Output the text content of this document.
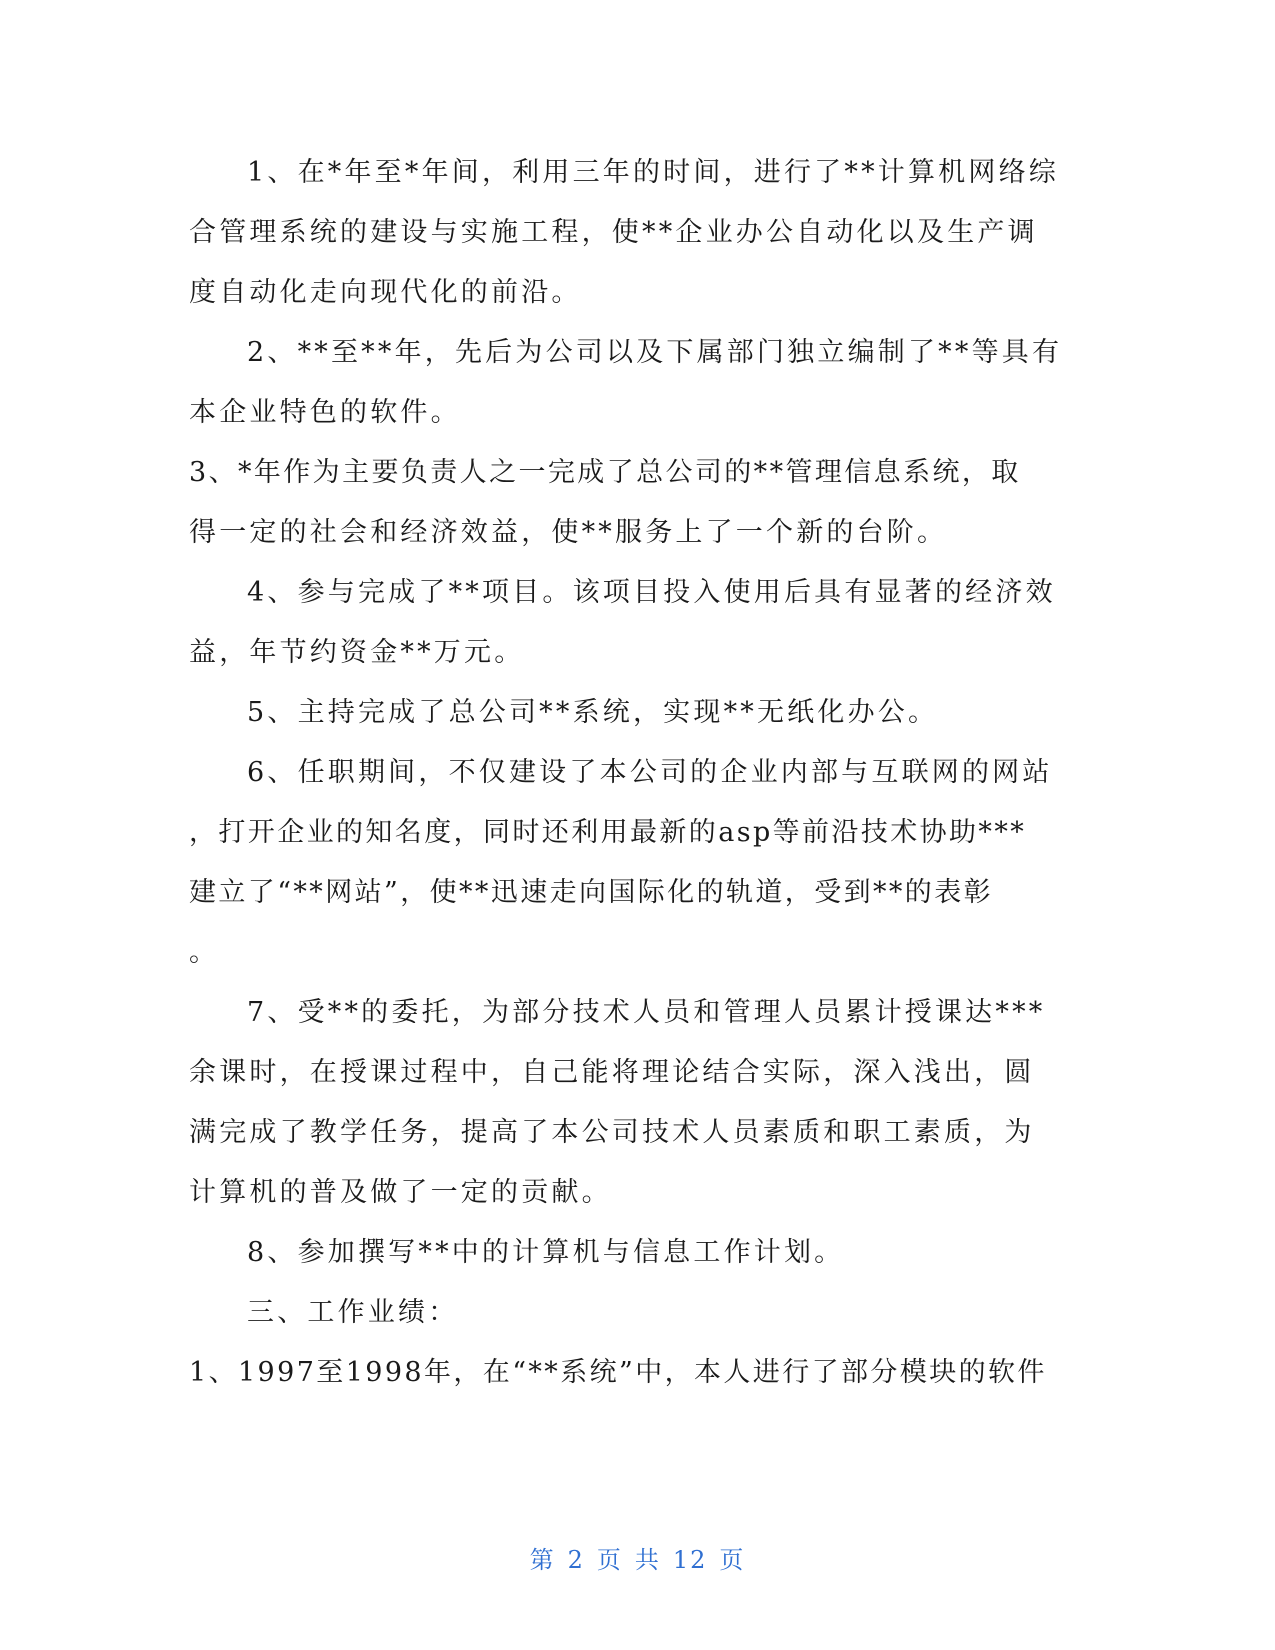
1、在*年至*年间，利用三年的时间，进行了**计算机网络综
合管理系统的建设与实施工程，使**企业办公自动化以及生产调
度自动化走向现代化的前沿。
2、**至**年，先后为公司以及下属部门独立编制了**等具有
本企业特色的软件。
3、*年作为主要负责人之一完成了总公司的**管理信息系统，取
得一定的社会和经济效益，使**服务上了一个新的台阶。
4、参与完成了**项目。该项目投入使用后具有显著的经济效
益，年节约资金**万元。
5、主持完成了总公司**系统，实现**无纸化办公。
6、任职期间，不仅建设了本公司的企业内部与互联网的网站
，打开企业的知名度，同时还利用最新的asp等前沿技术协助***
建立了“**网站”，使**迅速走向国际化的轨道，受到**的表彰
。
7、受**的委托，为部分技术人员和管理人员累计授课达***
余课时，在授课过程中，自己能将理论结合实际，深入浅出，圆
满完成了教学任务，提高了本公司技术人员素质和职工素质，为
计算机的普及做了一定的贡献。
8、参加撰写**中的计算机与信息工作计划。
三、工作业绩：
1、1997至1998年，在“**系统”中，本人进行了部分模块的软件
第 2 页 共 12 页
